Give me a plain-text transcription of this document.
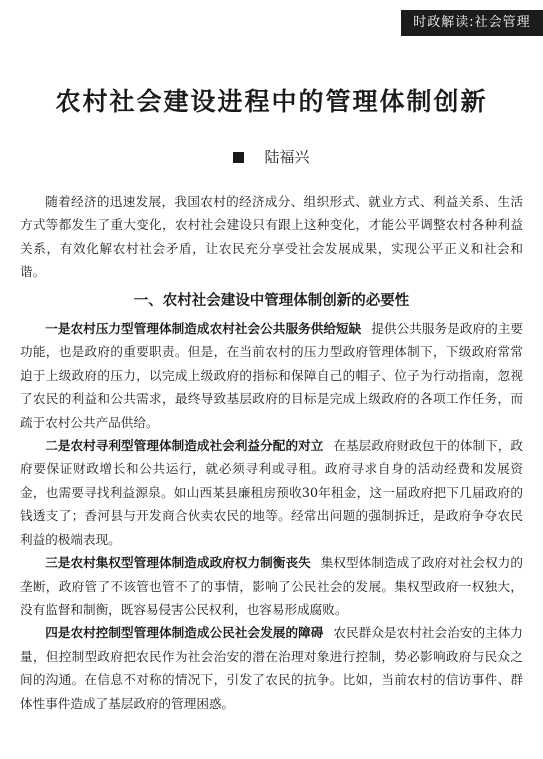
时政解读:社会管理
农村社会建设进程中的管理体制创新
陆福兴

随着经济的迅速发展，我国农村的经济成分、组织形式、就业方式、利益关系、生活方式等都发生了重大变化，农村社会建设只有跟上这种变化，才能公平调整农村各种利益关系，有效化解农村社会矛盾，让农民充分享受社会发展成果，实现公平正义和社会和谐。

一、农村社会建设中管理体制创新的必要性

一是农村压力型管理体制造成农村社会公共服务供给短缺 提供公共服务是政府的主要功能，也是政府的重要职责。但是，在当前农村的压力型政府管理体制下，下级政府常常迫于上级政府的压力，以完成上级政府的指标和保障自己的帽子、位子为行动指南，忽视了农民的利益和公共需求，最终导致基层政府的目标是完成上级政府的各项工作任务，而疏于农村公共产品供给。

二是农村寻利型管理体制造成社会利益分配的对立 在基层政府财政包干的体制下，政府要保证财政增长和公共运行，就必须寻利或寻租。政府寻求自身的活动经费和发展资金，也需要寻找利益源泉。如山西某县廉租房预收30年租金，这一届政府把下几届政府的钱透支了；香河县与开发商合伙卖农民的地等。经常出问题的强制拆迁，是政府争夺农民利益的极端表现。

三是农村集权型管理体制造成政府权力制衡丧失 集权型体制造成了政府对社会权力的垄断，政府管了不该管也管不了的事情，影响了公民社会的发展。集权型政府一权独大，没有监督和制衡，既容易侵害公民权利，也容易形成腐败。

四是农村控制型管理体制造成公民社会发展的障碍 农民群众是农村社会治安的主体力量，但控制型政府把农民作为社会治安的潜在治理对象进行控制，势必影响政府与民众之间的沟通。在信息不对称的情况下，引发了农民的抗争。比如，当前农村的信访事件、群体性事件造成了基层政府的管理困惑。
